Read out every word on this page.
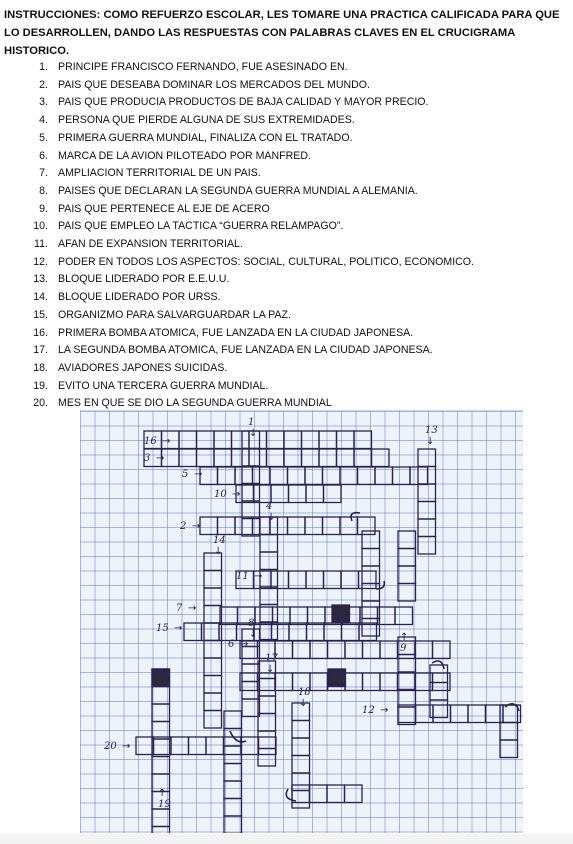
INSTRUCCIONES: COMO REFUERZO ESCOLAR, LES TOMARE UNA PRACTICA CALIFICADA PARA QUE LO DESARROLLEN, DANDO LAS RESPUESTAS CON PALABRAS CLAVES EN EL CRUCIGRAMA HISTORICO.
1. PRINCIPE FRANCISCO FERNANDO, FUE ASESINADO EN.
2. PAIS QUE DESEABA DOMINAR LOS MERCADOS DEL MUNDO.
3. PAIS QUE PRODUCIA PRODUCTOS DE BAJA CALIDAD Y MAYOR PRECIO.
4. PERSONA QUE PIERDE ALGUNA DE SUS EXTREMIDADES.
5. PRIMERA GUERRA MUNDIAL, FINALIZA CON EL TRATADO.
6. MARCA DE LA AVION PILOTEADO POR MANFRED.
7. AMPLIACION TERRITORIAL DE UN PAIS.
8. PAISES QUE DECLARAN LA SEGUNDA GUERRA MUNDIAL A ALEMANIA.
9. PAIS QUE PERTENECE AL EJE DE ACERO
10. PAIS QUE EMPLEO LA TACTICA “GUERRA RELAMPAGO”.
11. AFAN DE EXPANSION TERRITORIAL.
12. PODER EN TODOS LOS ASPECTOS: SOCIAL, CULTURAL, POLITICO, ECONOMICO.
13. BLOQUE LIDERADO POR E.E.U.U.
14. BLOQUE LIDERADO POR URSS.
15. ORGANIZMO PARA SALVARGUARDAR LA PAZ.
16. PRIMERA BOMBA ATOMICA, FUE LANZADA EN LA CIUDAD JAPONESA.
17. LA SEGUNDA BOMBA ATOMICA, FUE LANZADA EN LA CIUDAD JAPONESA.
18. AVIADORES JAPONES SUICIDAS.
19. EVITO UNA TERCERA GUERRA MUNDIAL.
20. MES EN QUE SE DIO LA SEGUNDA GUERRA MUNDIAL
1
↓	13
↓
16 →
3 →
5 →
10 →
4
↓
2 →
14
↓
11 →
7 →
15 →	8
↓
6 →
17
↓
9
↑
18
↓
12 →
20 →
19
↑
